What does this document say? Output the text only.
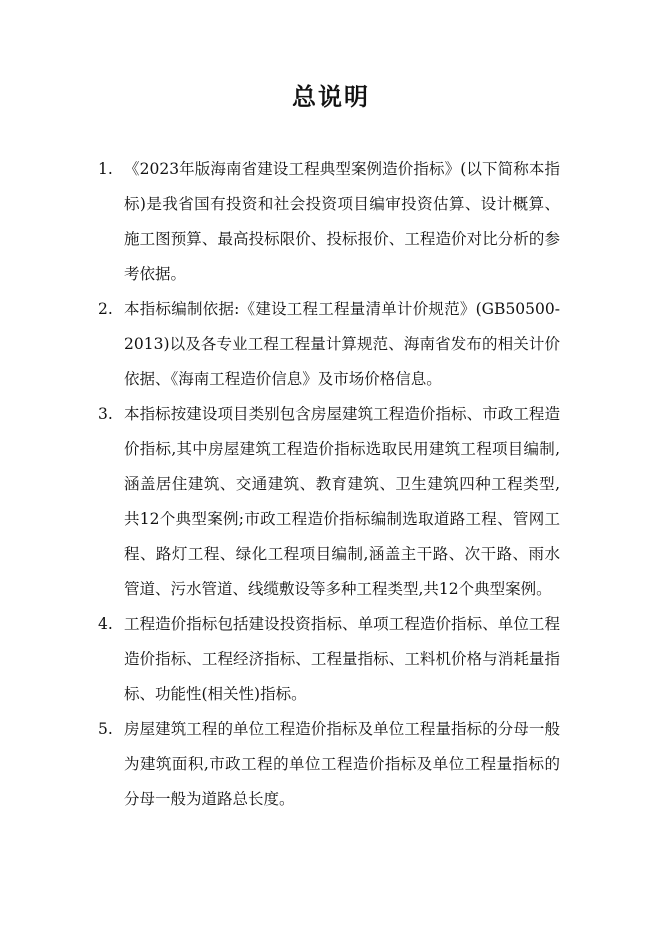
总说明
1. 《2023年版海南省建设工程典型案例造价指标》(以下简称本指标)是我省国有投资和社会投资项目编审投资估算、设计概算、施工图预算、最高投标限价、投标报价、工程造价对比分析的参考依据。
2. 本指标编制依据:《建设工程工程量清单计价规范》(GB50500-2013)以及各专业工程工程量计算规范、海南省发布的相关计价依据、《海南工程造价信息》及市场价格信息。
3. 本指标按建设项目类别包含房屋建筑工程造价指标、市政工程造价指标,其中房屋建筑工程造价指标选取民用建筑工程项目编制,涵盖居住建筑、交通建筑、教育建筑、卫生建筑四种工程类型,共12个典型案例;市政工程造价指标编制选取道路工程、管网工程、路灯工程、绿化工程项目编制,涵盖主干路、次干路、雨水管道、污水管道、线缆敷设等多种工程类型,共12个典型案例。
4. 工程造价指标包括建设投资指标、单项工程造价指标、单位工程造价指标、工程经济指标、工程量指标、工料机价格与消耗量指标、功能性(相关性)指标。
5. 房屋建筑工程的单位工程造价指标及单位工程量指标的分母一般为建筑面积,市政工程的单位工程造价指标及单位工程量指标的分母一般为道路总长度。
